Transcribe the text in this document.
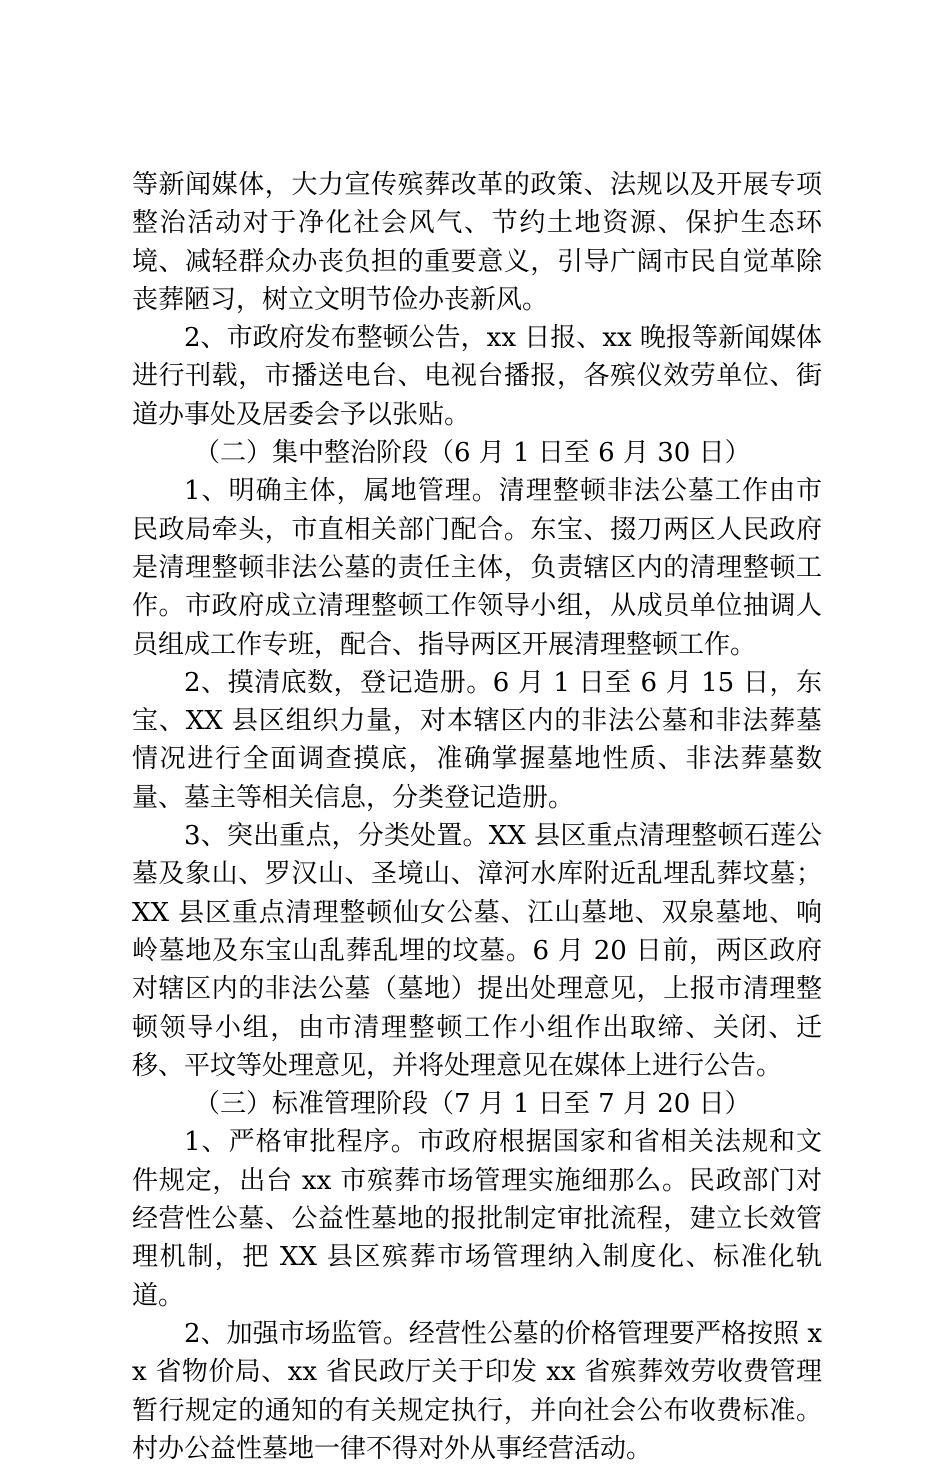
等新闻媒体，大力宣传殡葬改革的政策、法规以及开展专项整治活动对于净化社会风气、节约土地资源、保护生态环境、减轻群众办丧负担的重要意义，引导广阔市民自觉革除丧葬陋习，树立文明节俭办丧新风。

2、市政府发布整顿公告，xx 日报、xx 晚报等新闻媒体进行刊载，市播送电台、电视台播报，各殡仪效劳单位、街道办事处及居委会予以张贴。

（二）集中整治阶段（6 月 1 日至 6 月 30 日）

1、明确主体，属地管理。清理整顿非法公墓工作由市民政局牵头，市直相关部门配合。东宝、掇刀两区人民政府是清理整顿非法公墓的责任主体，负责辖区内的清理整顿工作。市政府成立清理整顿工作领导小组，从成员单位抽调人员组成工作专班，配合、指导两区开展清理整顿工作。

2、摸清底数，登记造册。6 月 1 日至 6 月 15 日，东宝、XX 县区组织力量，对本辖区内的非法公墓和非法葬墓情况进行全面调查摸底，准确掌握墓地性质、非法葬墓数量、墓主等相关信息，分类登记造册。

3、突出重点，分类处置。XX 县区重点清理整顿石莲公墓及象山、罗汉山、圣境山、漳河水库附近乱埋乱葬坟墓；XX 县区重点清理整顿仙女公墓、江山墓地、双泉墓地、响岭墓地及东宝山乱葬乱埋的坟墓。6 月 20 日前，两区政府对辖区内的非法公墓（墓地）提出处理意见，上报市清理整顿领导小组，由市清理整顿工作小组作出取缔、关闭、迁移、平坟等处理意见，并将处理意见在媒体上进行公告。

（三）标准管理阶段（7 月 1 日至 7 月 20 日）

1、严格审批程序。市政府根据国家和省相关法规和文件规定，出台 xx 市殡葬市场管理实施细那么。民政部门对经营性公墓、公益性墓地的报批制定审批流程，建立长效管理机制，把 XX 县区殡葬市场管理纳入制度化、标准化轨道。

2、加强市场监管。经营性公墓的价格管理要严格按照 xx 省物价局、xx 省民政厅关于印发 xx 省殡葬效劳收费管理暂行规定的通知的有关规定执行，并向社会公布收费标准。村办公益性墓地一律不得对外从事经营活动。
